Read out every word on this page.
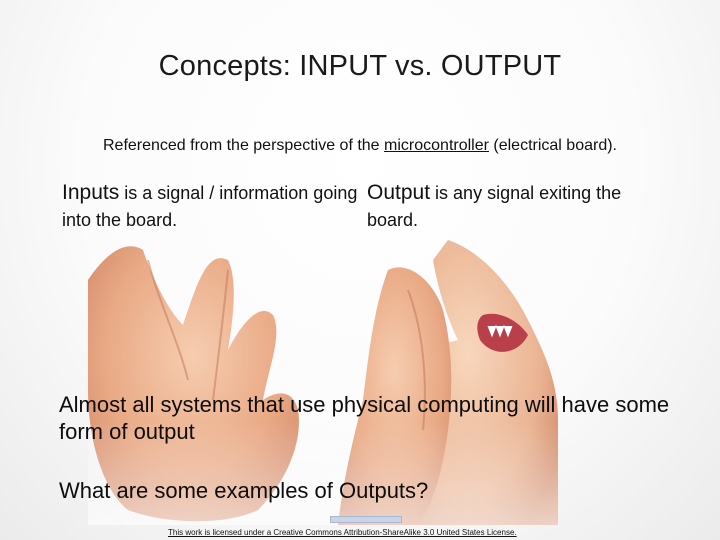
Concepts: INPUT vs. OUTPUT
Referenced from the perspective of the microcontroller (electrical board).
Inputs is a signal / information going into the board.
Output is any signal exiting the board.
Almost all systems that use physical computing will have some form of output
What are some examples of Outputs?
This work is licensed under a Creative Commons Attribution-ShareAlike 3.0 United States License.
